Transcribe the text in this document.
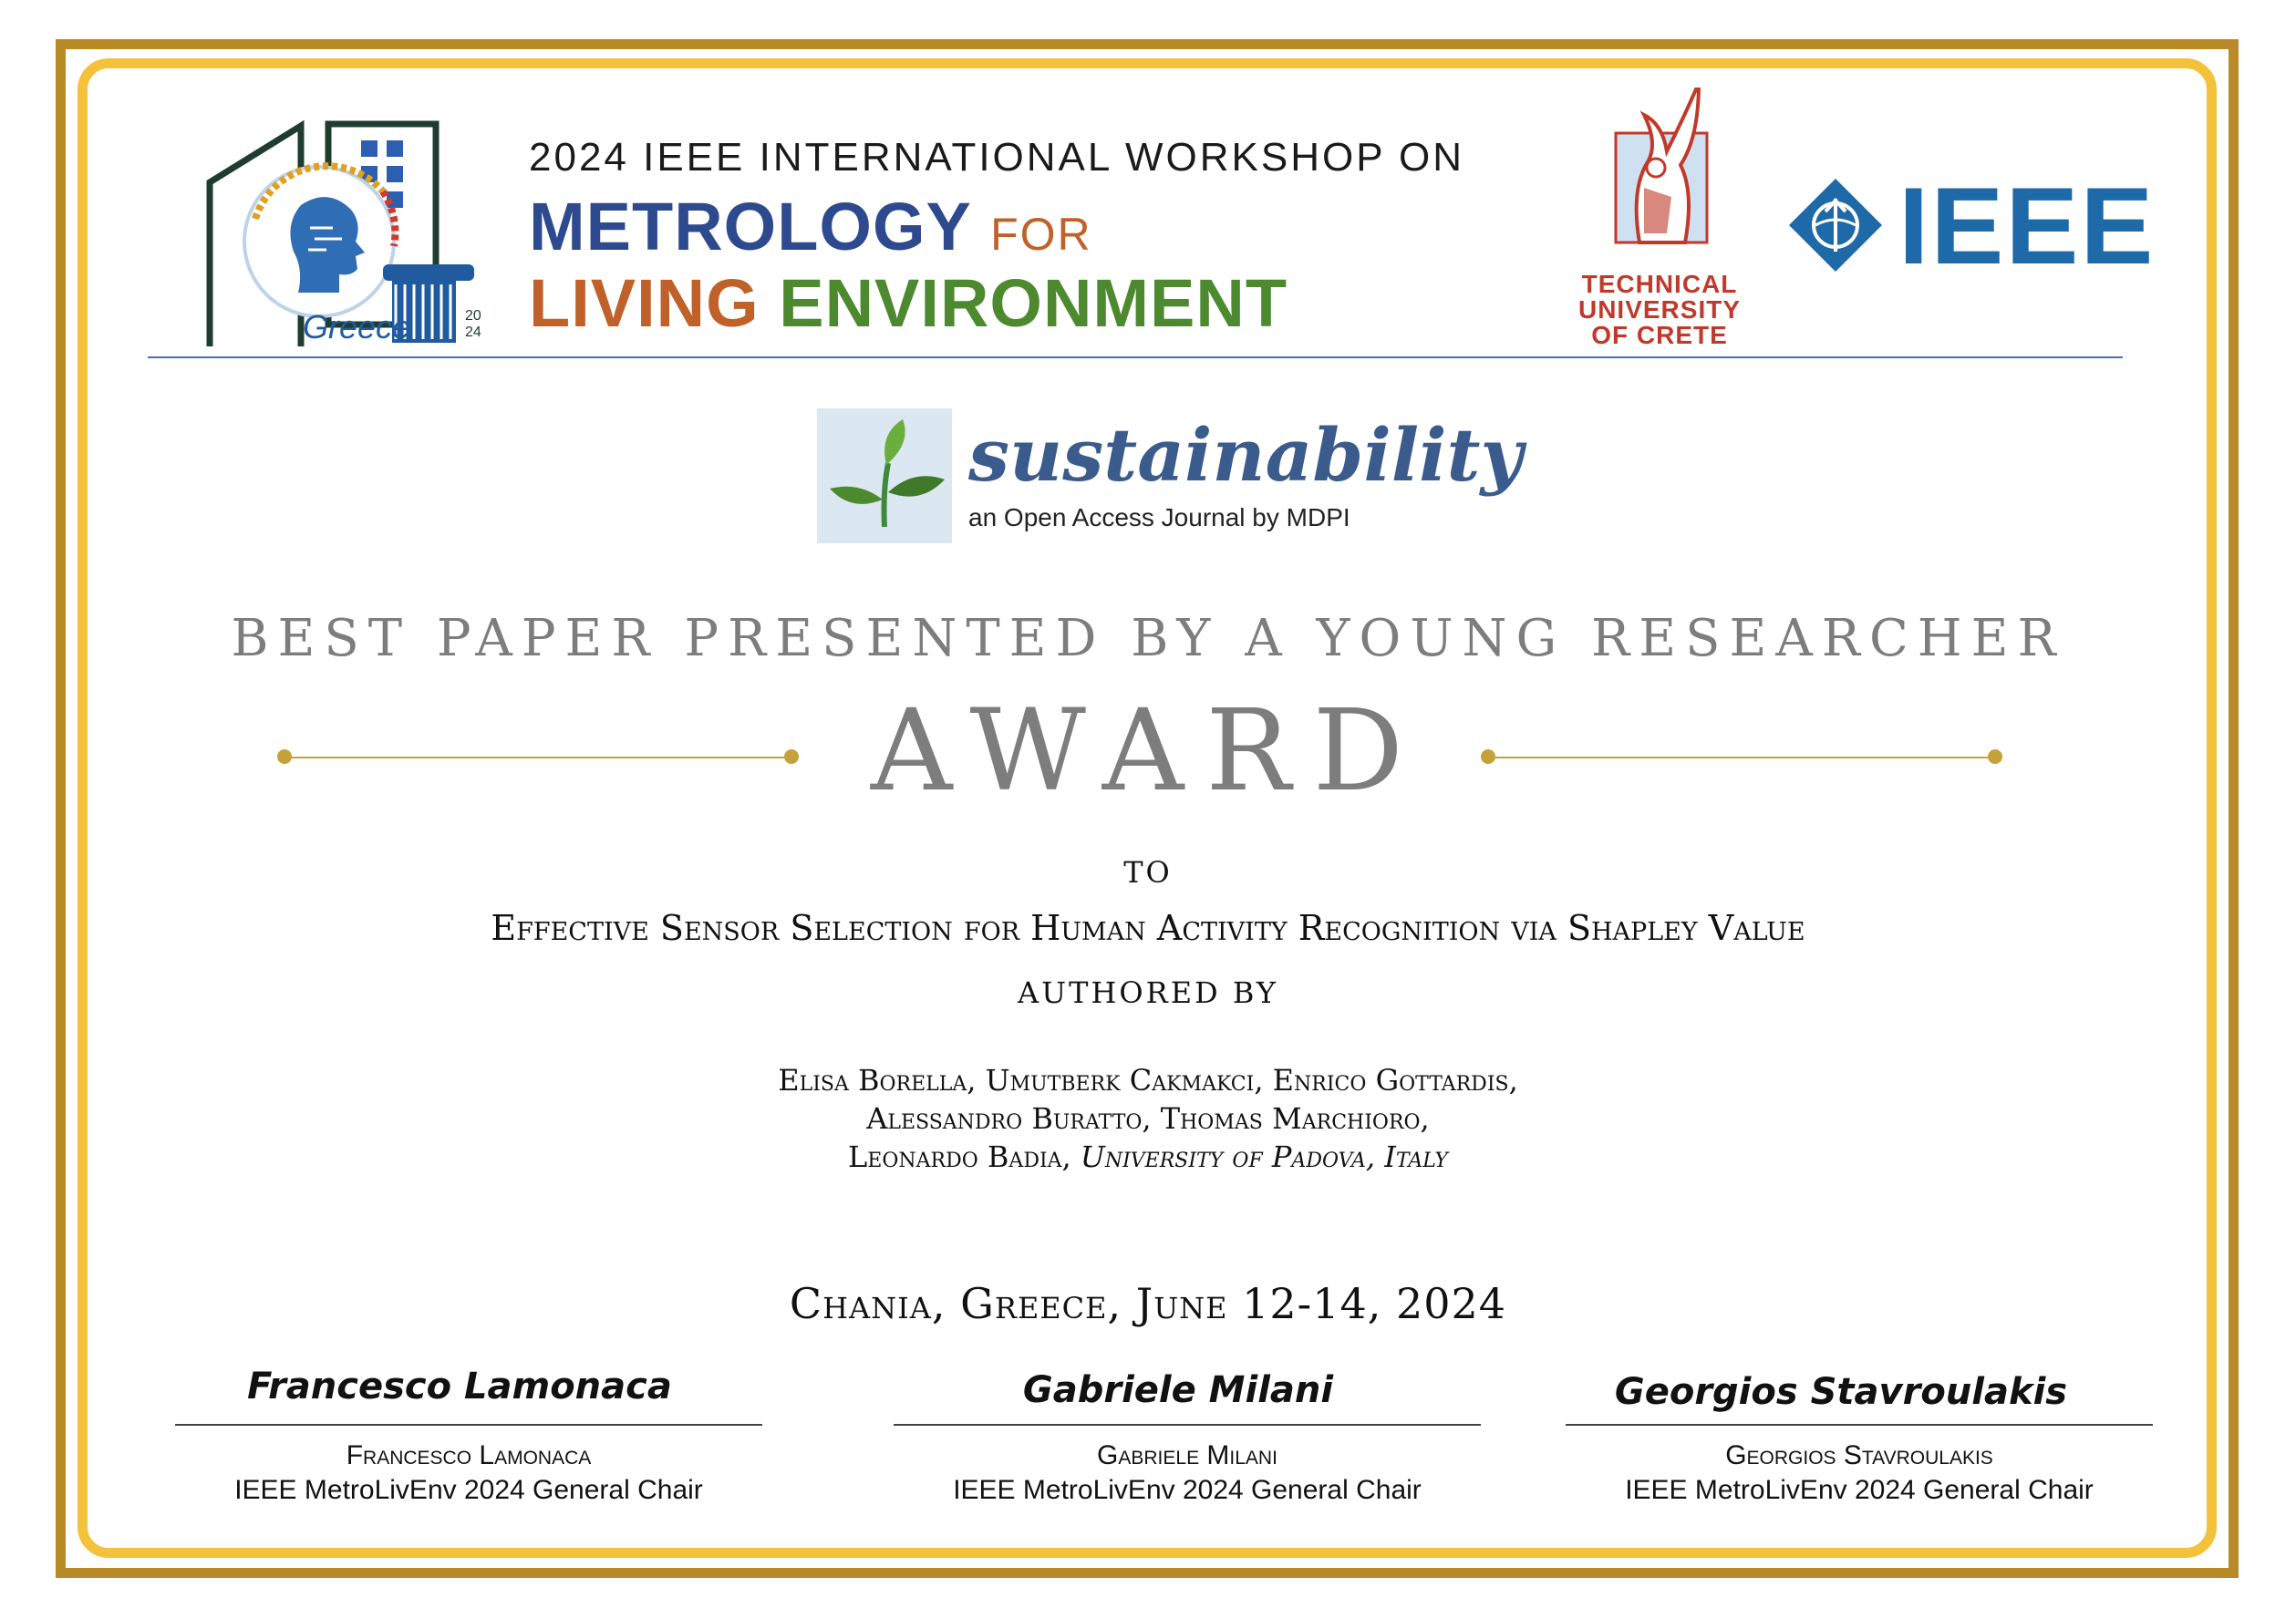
Greece	20 24
2024 IEEE INTERNATIONAL WORKSHOP ON
METROLOGY FOR
LIVING ENVIRONMENT	TECHNICAL
UNIVERSITY
OF CRETE
IEEE
sustainability
an Open Access Journal by MDPI
BEST PAPER PRESENTED BY A YOUNG RESEARCHER
AWARD
TO
Effective Sensor Selection for Human Activity Recognition via Shapley Value
AUTHORED BY
Elisa Borella, Umutberk Cakmakci, Enrico Gottardis,
Alessandro Buratto, Thomas Marchioro,
Leonardo Badia, University of Padova, Italy
Chania, Greece, June 12-14, 2024
Francesco Lamonaca
Francesco Lamonaca
IEEE MetroLivEnv 2024 General Chair
Gabriele Milani
Gabriele Milani
IEEE MetroLivEnv 2024 General Chair
Georgios Stavroulakis
Georgios Stavroulakis
IEEE MetroLivEnv 2024 General Chair
